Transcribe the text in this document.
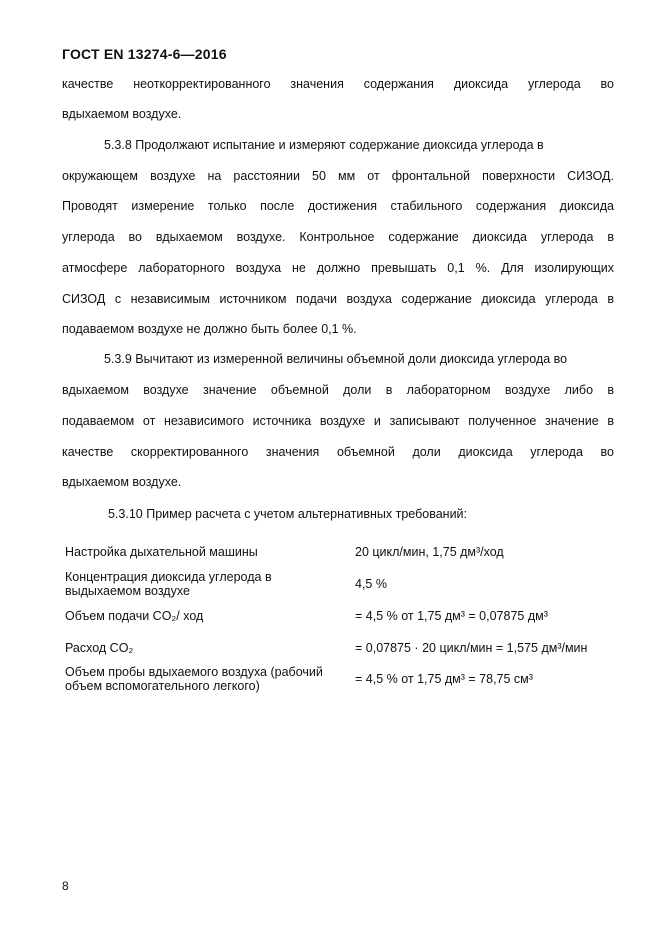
ГОСТ EN 13274-6—2016
качестве неоткорректированного значения содержания диоксида углерода во
вдыхаемом воздухе.
5.3.8 Продолжают испытание и измеряют содержание диоксида углерода в
окружающем воздухе на расстоянии 50 мм от фронтальной поверхности СИЗОД.
Проводят измерение только после достижения стабильного содержания диоксида
углерода во вдыхаемом воздухе. Контрольное содержание диоксида углерода в
атмосфере лабораторного воздуха не должно превышать 0,1 %. Для изолирующих
СИЗОД с независимым источником подачи воздуха содержание диоксида углерода в
подаваемом воздухе не должно быть более 0,1 %.
5.3.9 Вычитают из измеренной величины объемной доли диоксида углерода во
вдыхаемом воздухе значение объемной доли в лабораторном воздухе либо в
подаваемом от независимого источника воздухе и записывают полученное значение в
качестве скорректированного значения объемной доли диоксида углерода во
вдыхаемом воздухе.
5.3.10 Пример расчета с учетом альтернативных требований:
Настройка дыхательной машины	20 цикл/мин, 1,75 дм³/ход
Концентрация диоксида углерода в выдыхаемом воздухе	4,5 %
Объем подачи CO₂/ ход	= 4,5 % от 1,75 дм³ = 0,07875 дм³
Расход CO₂	= 0,07875 · 20 цикл/мин = 1,575 дм³/мин
Объем пробы вдыхаемого воздуха (рабочий объем вспомогательного легкого)	= 4,5 % от 1,75 дм³ = 78,75 см³
8
